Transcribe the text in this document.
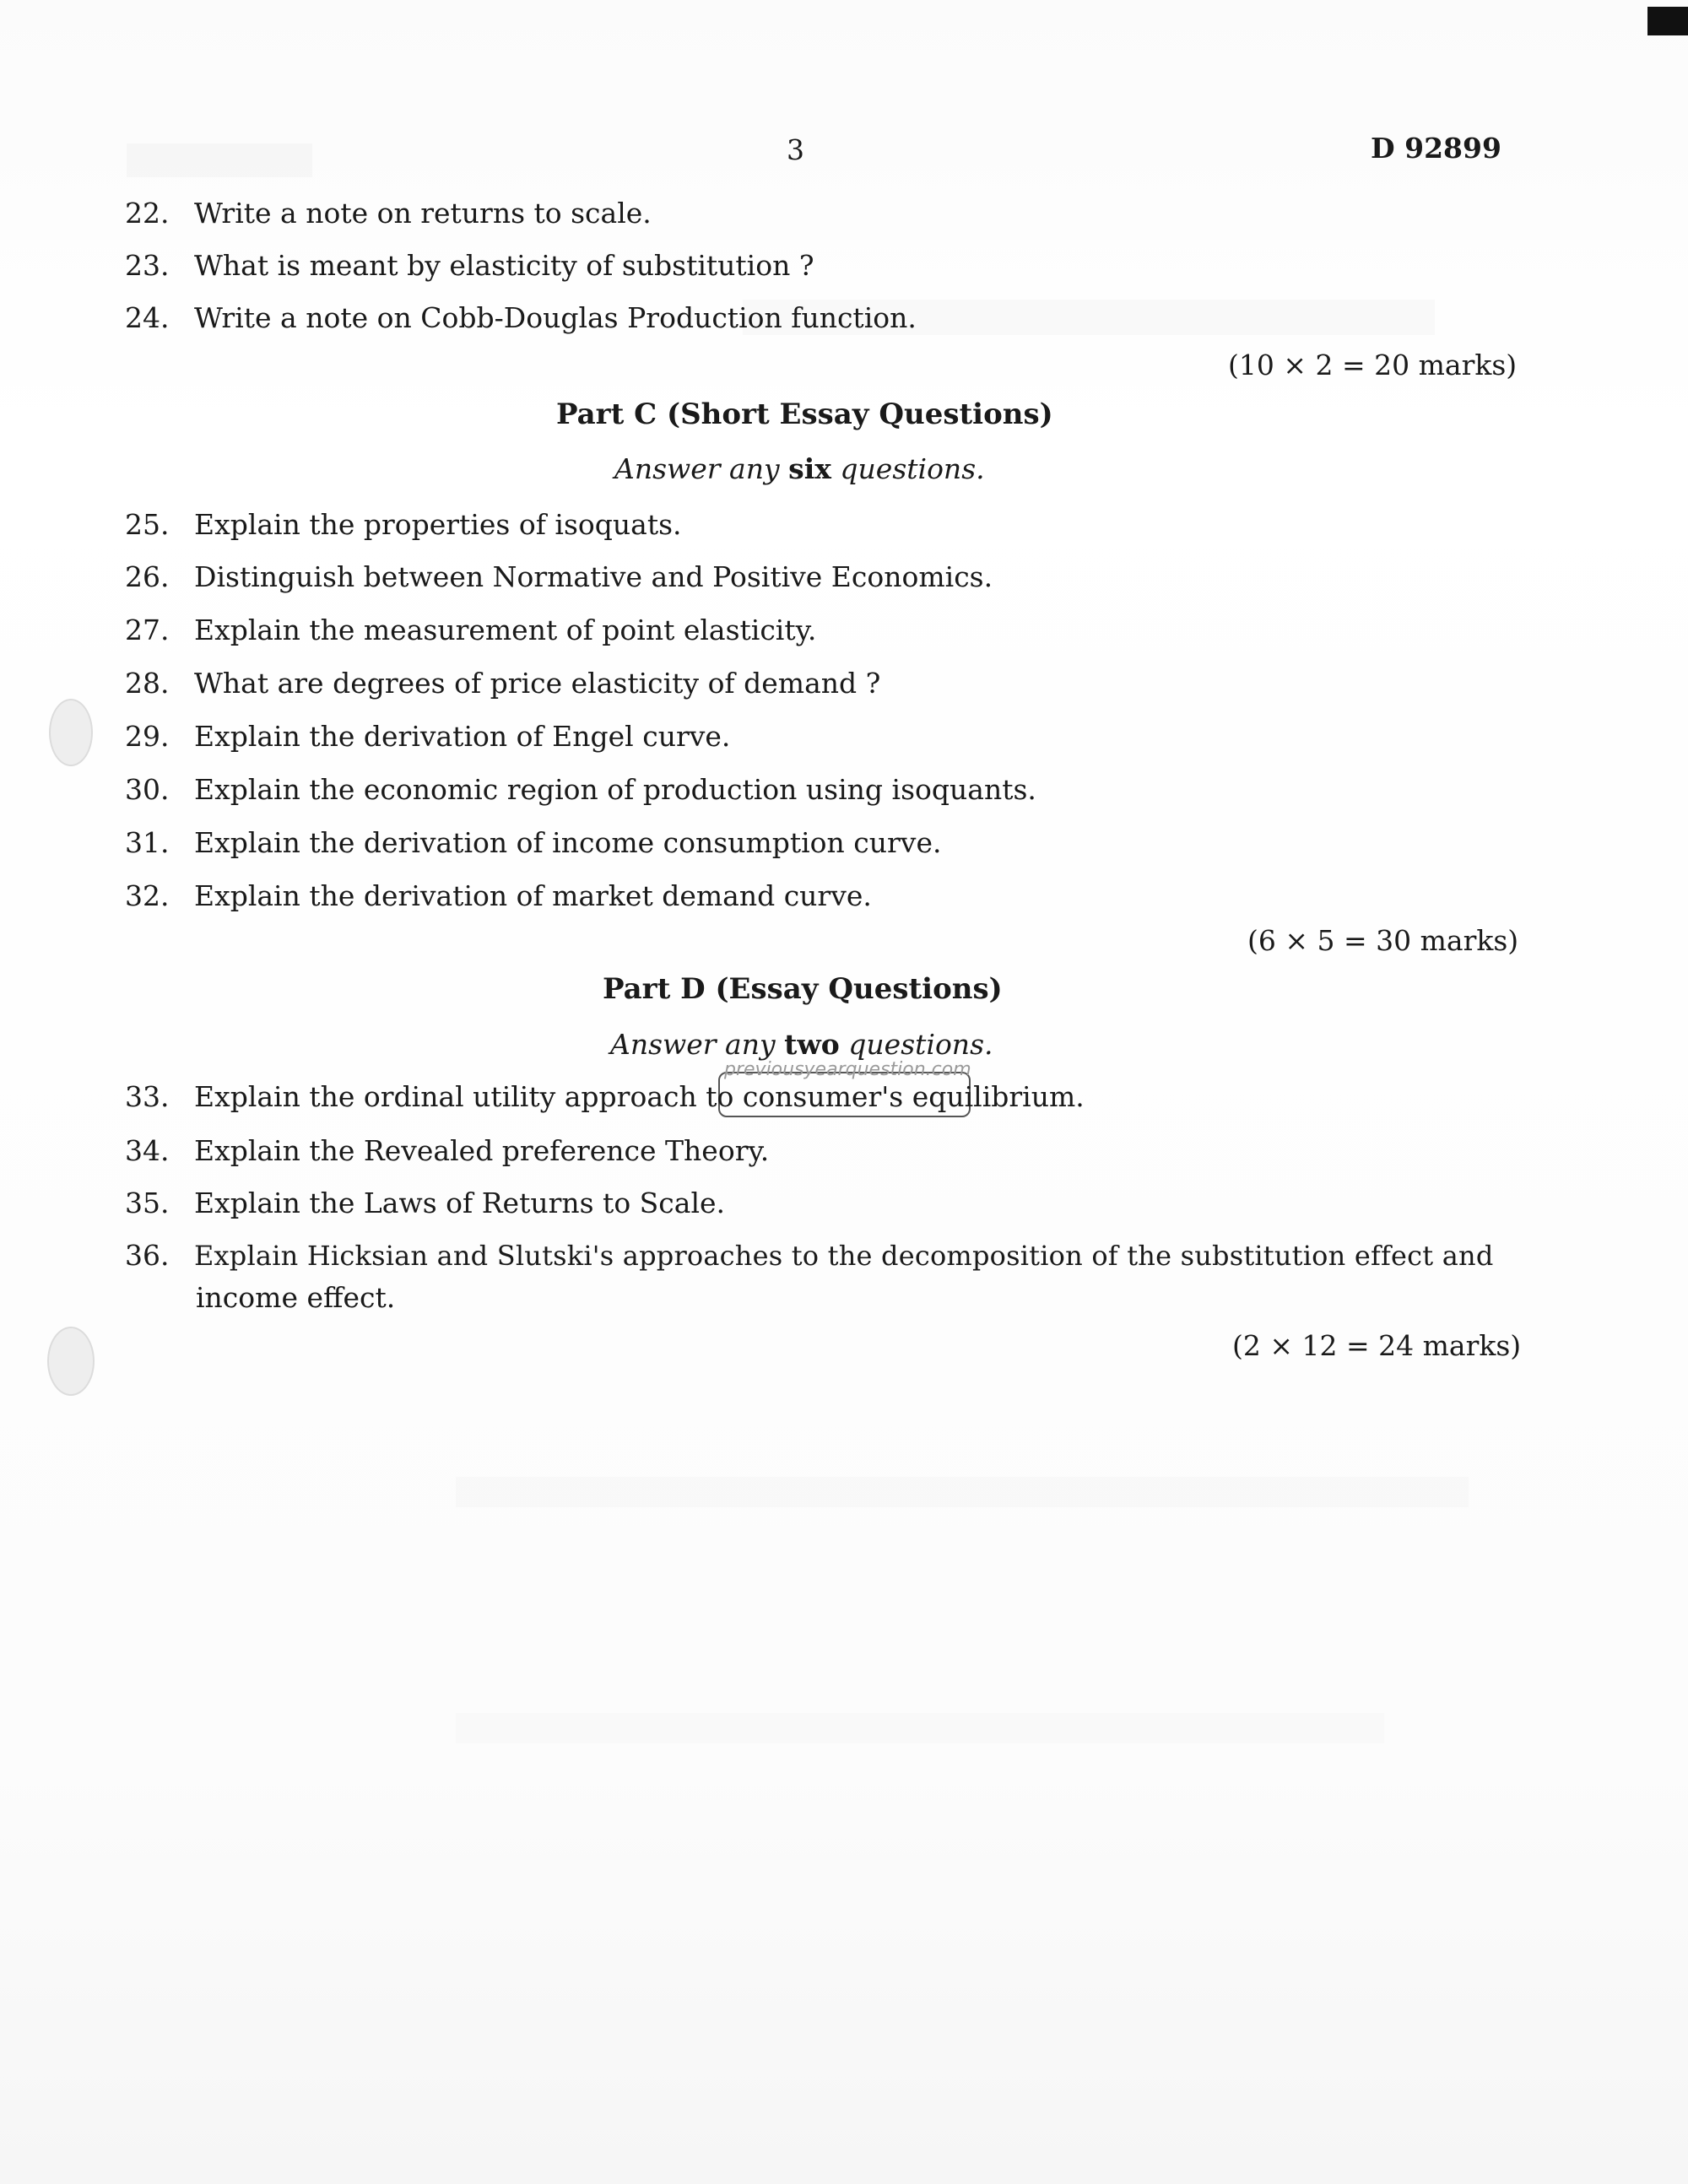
3	D 92899
22. Write a note on returns to scale.
23. What is meant by elasticity of substitution ?
24. Write a note on Cobb-Douglas Production function.
(10 × 2 = 20 marks)
Part C (Short Essay Questions)
Answer any six questions.
25. Explain the properties of isoquats.
26. Distinguish between Normative and Positive Economics.
27. Explain the measurement of point elasticity.
28. What are degrees of price elasticity of demand ?
29. Explain the derivation of Engel curve.
30. Explain the economic region of production using isoquants.
31. Explain the derivation of income consumption curve.
32. Explain the derivation of market demand curve.
(6 × 5 = 30 marks)
Part D (Essay Questions)
Answer any two questions.
previousyearquestion.com
33. Explain the ordinal utility approach to consumer's equilibrium.
34. Explain the Revealed preference Theory.
35. Explain the Laws of Returns to Scale.
36. Explain Hicksian and Slutski's approaches to the decomposition of the substitution effect and
income effect.
(2 × 12 = 24 marks)
